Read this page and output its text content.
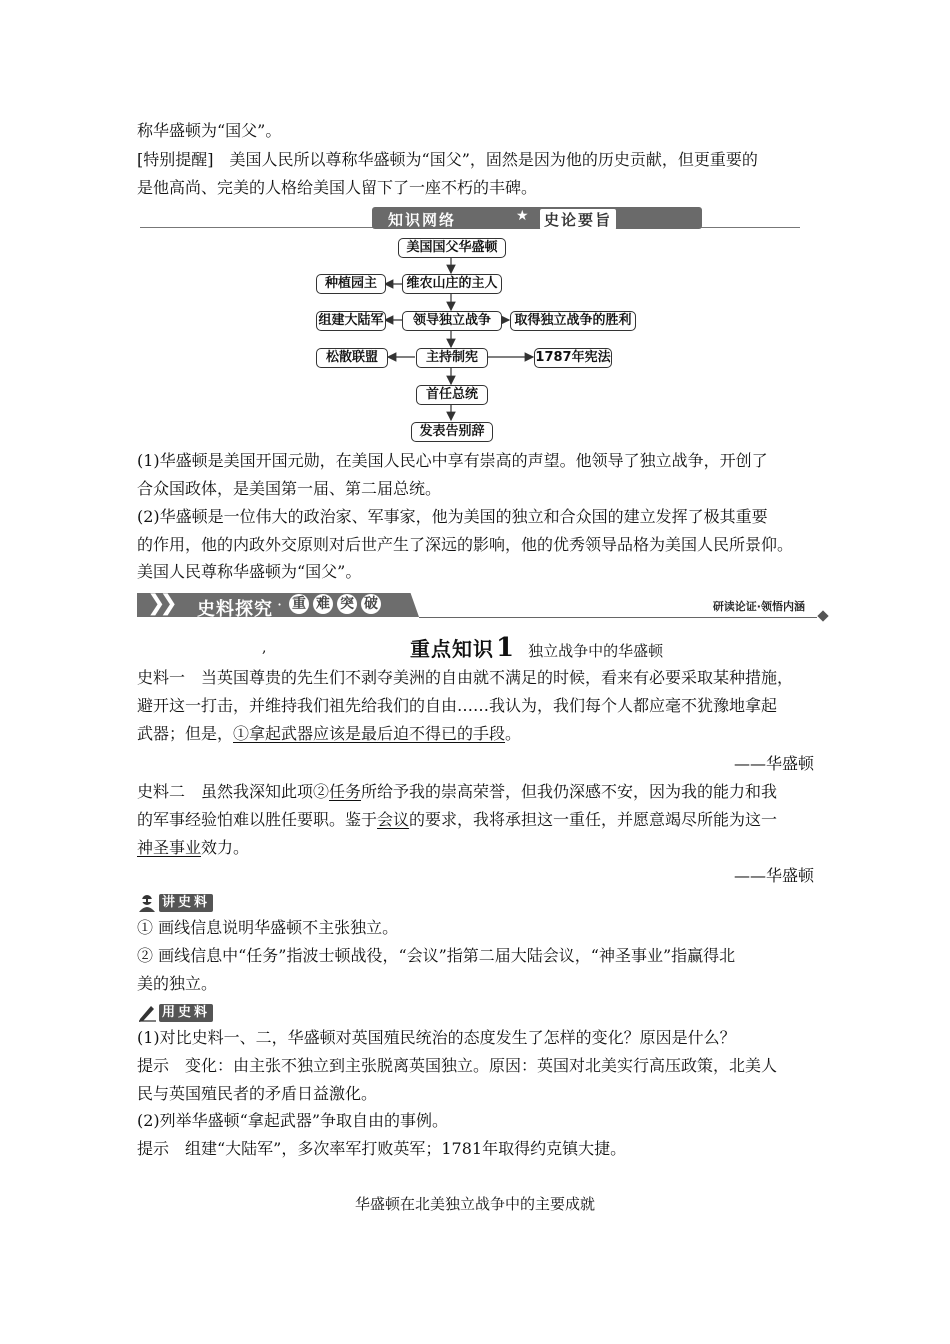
称华盛顿为“国父”。

[特别提醒]　 美国人民所以尊称华盛顿为“国父”，固然是因为他的历史贡献，但更重要的

是他高尚、完美的人格给美国人留下了一座不朽的丰碑。

知识网络	★ 史论要旨
美国国父华盛顿
种植园主	维农山庄的主人
组建大陆军	领导独立战争	取得独立战争的胜利
松散联盟	主持制宪	1787年宪法
首任总统
发表告别辞

(1)华盛顿是美国开国元勋，在美国人民心中享有崇高的声望。他领导了独立战争，开创了

合众国政体，是美国第一届、第二届总统。

(2)华盛顿是一位伟大的政治家、军事家，他为美国的独立和合众国的建立发挥了极其重要

的作用，他的内政外交原则对后世产生了深远的影响，他的优秀领导品格为美国人民所景仰。

美国人民尊称华盛顿为“国父”。

❯❯ 史料探究 · 重 难 突 破	研读论证·领悟内涵
,	重点知识1 独立战争中的华盛顿

史料一　当英国尊贵的先生们不剥夺美洲的自由就不满足的时候，看来有必要采取某种措施，

避开这一打击，并维持我们祖先给我们的自由……我认为，我们每个人都应毫不犹豫地拿起

武器；但是，①拿起武器应该是最后迫不得已的手段。

——华盛顿

史料二　虽然我深知此项②任务所给予我的崇高荣誉，但我仍深感不安，因为我的能力和我

的军事经验怕难以胜任要职。鉴于会议的要求，我将承担这一重任，并愿意竭尽所能为这一

神圣事业效力。

——华盛顿
讲史料

① 画线信息说明华盛顿不主张独立。

② 画线信息中“任务”指波士顿战役，“会议”指第二届大陆会议，“神圣事业”指赢得北

美的独立。

用史料

(1)对比史料一、二，华盛顿对英国殖民统治的态度发生了怎样的变化？原因是什么？

提示　变化：由主张不独立到主张脱离英国独立。原因：英国对北美实行高压政策，北美人

民与英国殖民者的矛盾日益激化。

(2)列举华盛顿“拿起武器”争取自由的事例。

提示　组建“大陆军”，多次率军打败英军；1781年取得约克镇大捷。

华盛顿在北美独立战争中的主要成就
